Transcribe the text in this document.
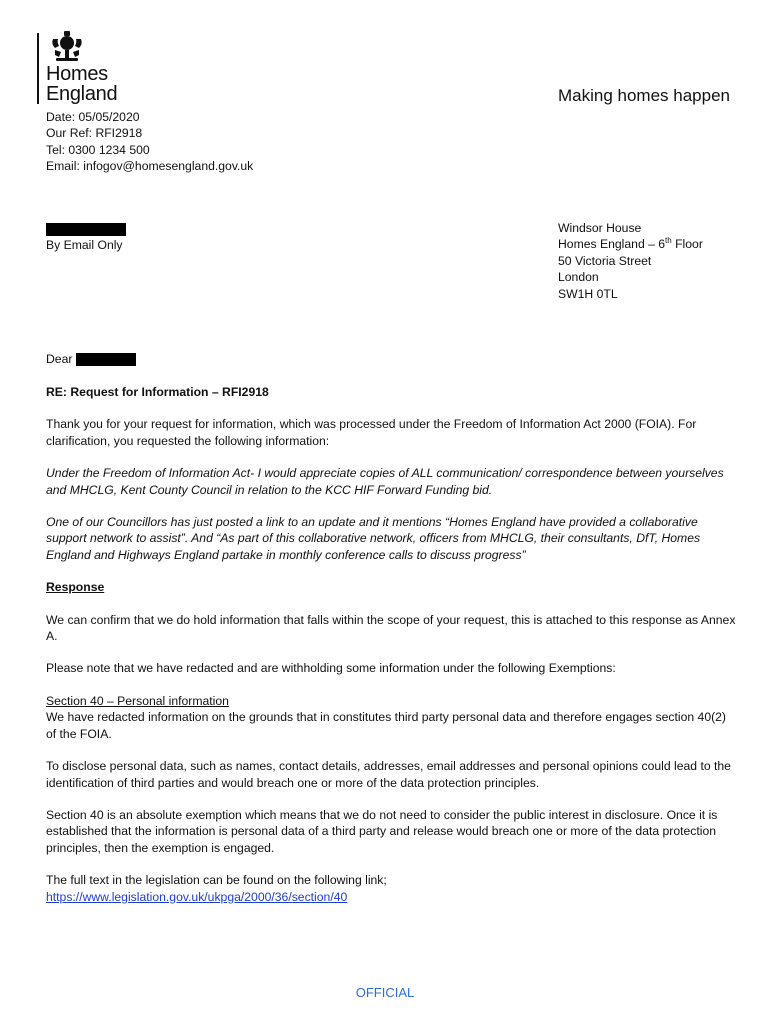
Homes
England	Making homes happen
Date: 05/05/2020
Our Ref: RFI2918
Tel: 0300 1234 500
Email: infogov@homesengland.gov.uk
By Email Only
Windsor House
Homes England – 6th Floor
50 Victoria Street
London
SW1H 0TL
Dear

RE: Request for Information – RFI2918

Thank you for your request for information, which was processed under the Freedom of Information Act 2000 (FOIA). For clarification, you requested the following information:

Under the Freedom of Information Act- I would appreciate copies of ALL communication/ correspondence between yourselves and MHCLG, Kent County Council in relation to the KCC HIF Forward Funding bid.

One of our Councillors has just posted a link to an update and it mentions “Homes England have provided a collaborative support network to assist”. And “As part of this collaborative network, officers from MHCLG, their consultants, DfT, Homes England and Highways England partake in monthly conference calls to discuss progress”

Response

We can confirm that we do hold information that falls within the scope of your request, this is attached to this response as Annex A.

Please note that we have redacted and are withholding some information under the following Exemptions:

Section 40 – Personal information

We have redacted information on the grounds that in constitutes third party personal data and therefore engages section 40(2) of the FOIA.

To disclose personal data, such as names, contact details, addresses, email addresses and personal opinions could lead to the identification of third parties and would breach one or more of the data protection principles.

Section 40 is an absolute exemption which means that we do not need to consider the public interest in disclosure. Once it is established that the information is personal data of a third party and release would breach one or more of the data protection principles, then the exemption is engaged.

The full text in the legislation can be found on the following link;
https://www.legislation.gov.uk/ukpga/2000/36/section/40
OFFICIAL
